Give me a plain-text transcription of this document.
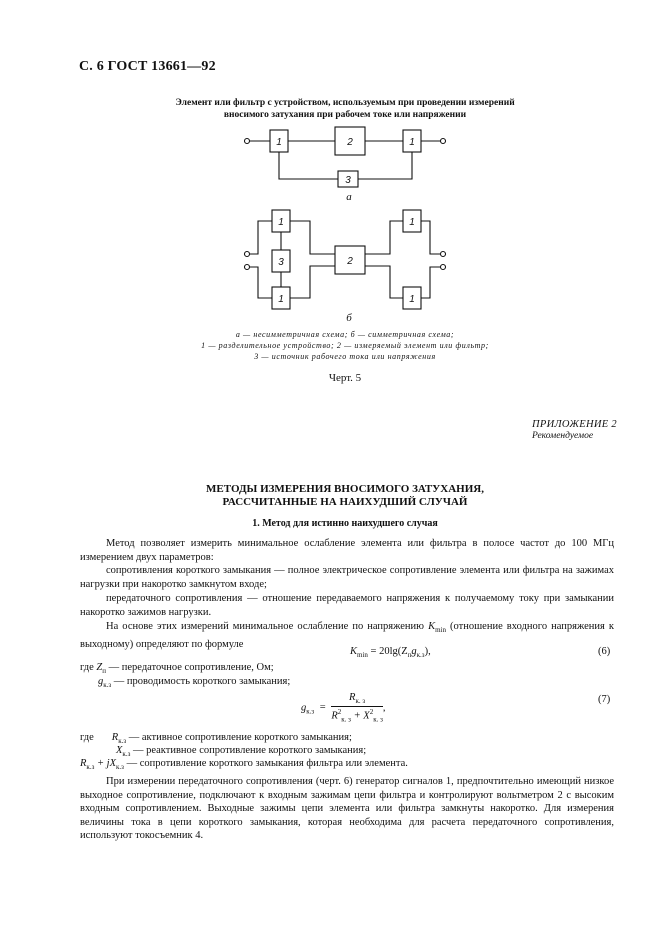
С. 6 ГОСТ 13661—92
Элемент или фильтр с устройством, используемым при проведении измерений
вносимого затухания при рабочем токе или напряжении
1	2	1
3
1
3
1
2
1
1
а
б
а — несимметричная схема; б — симметричная схема;
1 — разделительное устройство; 2 — измеряемый элемент или фильтр;
3 — источник рабочего тока или напряжения
Черт. 5
ПРИЛОЖЕНИЕ 2
Рекомендуемое
МЕТОДЫ ИЗМЕРЕНИЯ ВНОСИМОГО ЗАТУХАНИЯ,
РАССЧИТАННЫЕ НА НАИХУДШИЙ СЛУЧАЙ
1. Метод для истинно наихудшего случая
Метод позволяет измерить минимальное ослабление элемента или фильтра в полосе частот до 100 МГц измерением двух параметров:
сопротивления короткого замыкания — полное электрическое сопротивление элемента или фильтра на зажимах нагрузки при накоротко замкнутом входе;
передаточного сопротивления — отношение передаваемого напряжения к получаемому току при замыкании накоротко зажимов нагрузки.
На основе этих измерений минимальное ослабление по напряжению $K_{min}$ (отношение входного напряжения к выходному) определяют по формуле
$K_{min} = 20\lg(Z_пg_{к.з})$,	(6)
где $Z_п$ — передаточное сопротивление, Ом;
$g_{к.з}$ — проводимость короткого замыкания;
$g_{к.з} = \frac{R_{к. з}}{R^2_{к. з} + X^2_{к. з}}$ ,
(7)
где $R_{к.з}$ — активное сопротивление короткого замыкания;
$X_{к.з}$ — реактивное сопротивление короткого замыкания;
$R_{к.з} + jX_{к.з}$ — сопротивление короткого замыкания фильтра или элемента.
При измерении передаточного сопротивления (черт. 6) генератор сигналов 1, предпочтительно имеющий низкое выходное сопротивление, подключают к входным зажимам цепи фильтра и контролируют вольтметром 2 с высоким входным сопротивлением. Выходные зажимы цепи элемента или фильтра замкнуты накоротко. Для измерения величины тока в цепи короткого замыкания, которая необходима для расчета передаточного сопротивления, используют токосъемник 4.
